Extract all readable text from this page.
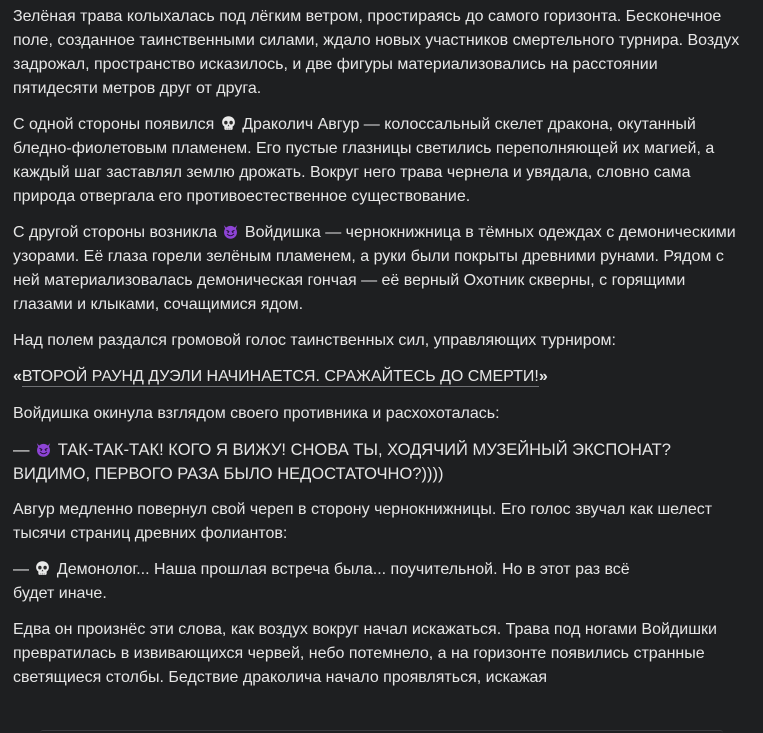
Зелёная трава колыхалась под лёгким ветром, простираясь до самого горизонта. Бесконечное поле, созданное таинственными силами, ждало новых участников смертельного турнира. Воздух задрожал, пространство исказилось, и две фигуры материализовались на расстоянии пятидесяти метров друг от друга.

С одной стороны появился Драколич Авгур — колоссальный скелет дракона, окутанный бледно-фиолетовым пламенем. Его пустые глазницы светились переполняющей их магией, а каждый шаг заставлял землю дрожать. Вокруг него трава чернела и увядала, словно сама природа отвергала его противоестественное существование.

С другой стороны возникла Войдишка — чернокнижница в тёмных одеждах с демоническими узорами. Её глаза горели зелёным пламенем, а руки были покрыты древними рунами. Рядом с ней материализовалась демоническая гончая — её верный Охотник скверны, с горящими глазами и клыками, сочащимися ядом.

Над полем раздался громовой голос таинственных сил, управляющих турниром:

«ВТОРОЙ РАУНД ДУЭЛИ НАЧИНАЕТСЯ. СРАЖАЙТЕСЬ ДО СМЕРТИ!»

Войдишка окинула взглядом своего противника и расхохоталась:

— ТАК-ТАК-ТАК! КОГО Я ВИЖУ! СНОВА ТЫ, ХОДЯЧИЙ МУЗЕЙНЫЙ ЭКСПОНАТ? ВИДИМО, ПЕРВОГО РАЗА БЫЛО НЕДОСТАТОЧНО?))))

Авгур медленно повернул свой череп в сторону чернокнижницы. Его голос звучал как шелест тысячи страниц древних фолиантов:

— Демонолог... Наша прошлая встреча была... поучительной. Но в этот раз всё будет иначе.

Едва он произнёс эти слова, как воздух вокруг начал искажаться. Трава под ногами Войдишки превратилась в извивающихся червей, небо потемнело, а на горизонте появились странные светящиеся столбы. Бедствие драколича начало проявляться, искажая
